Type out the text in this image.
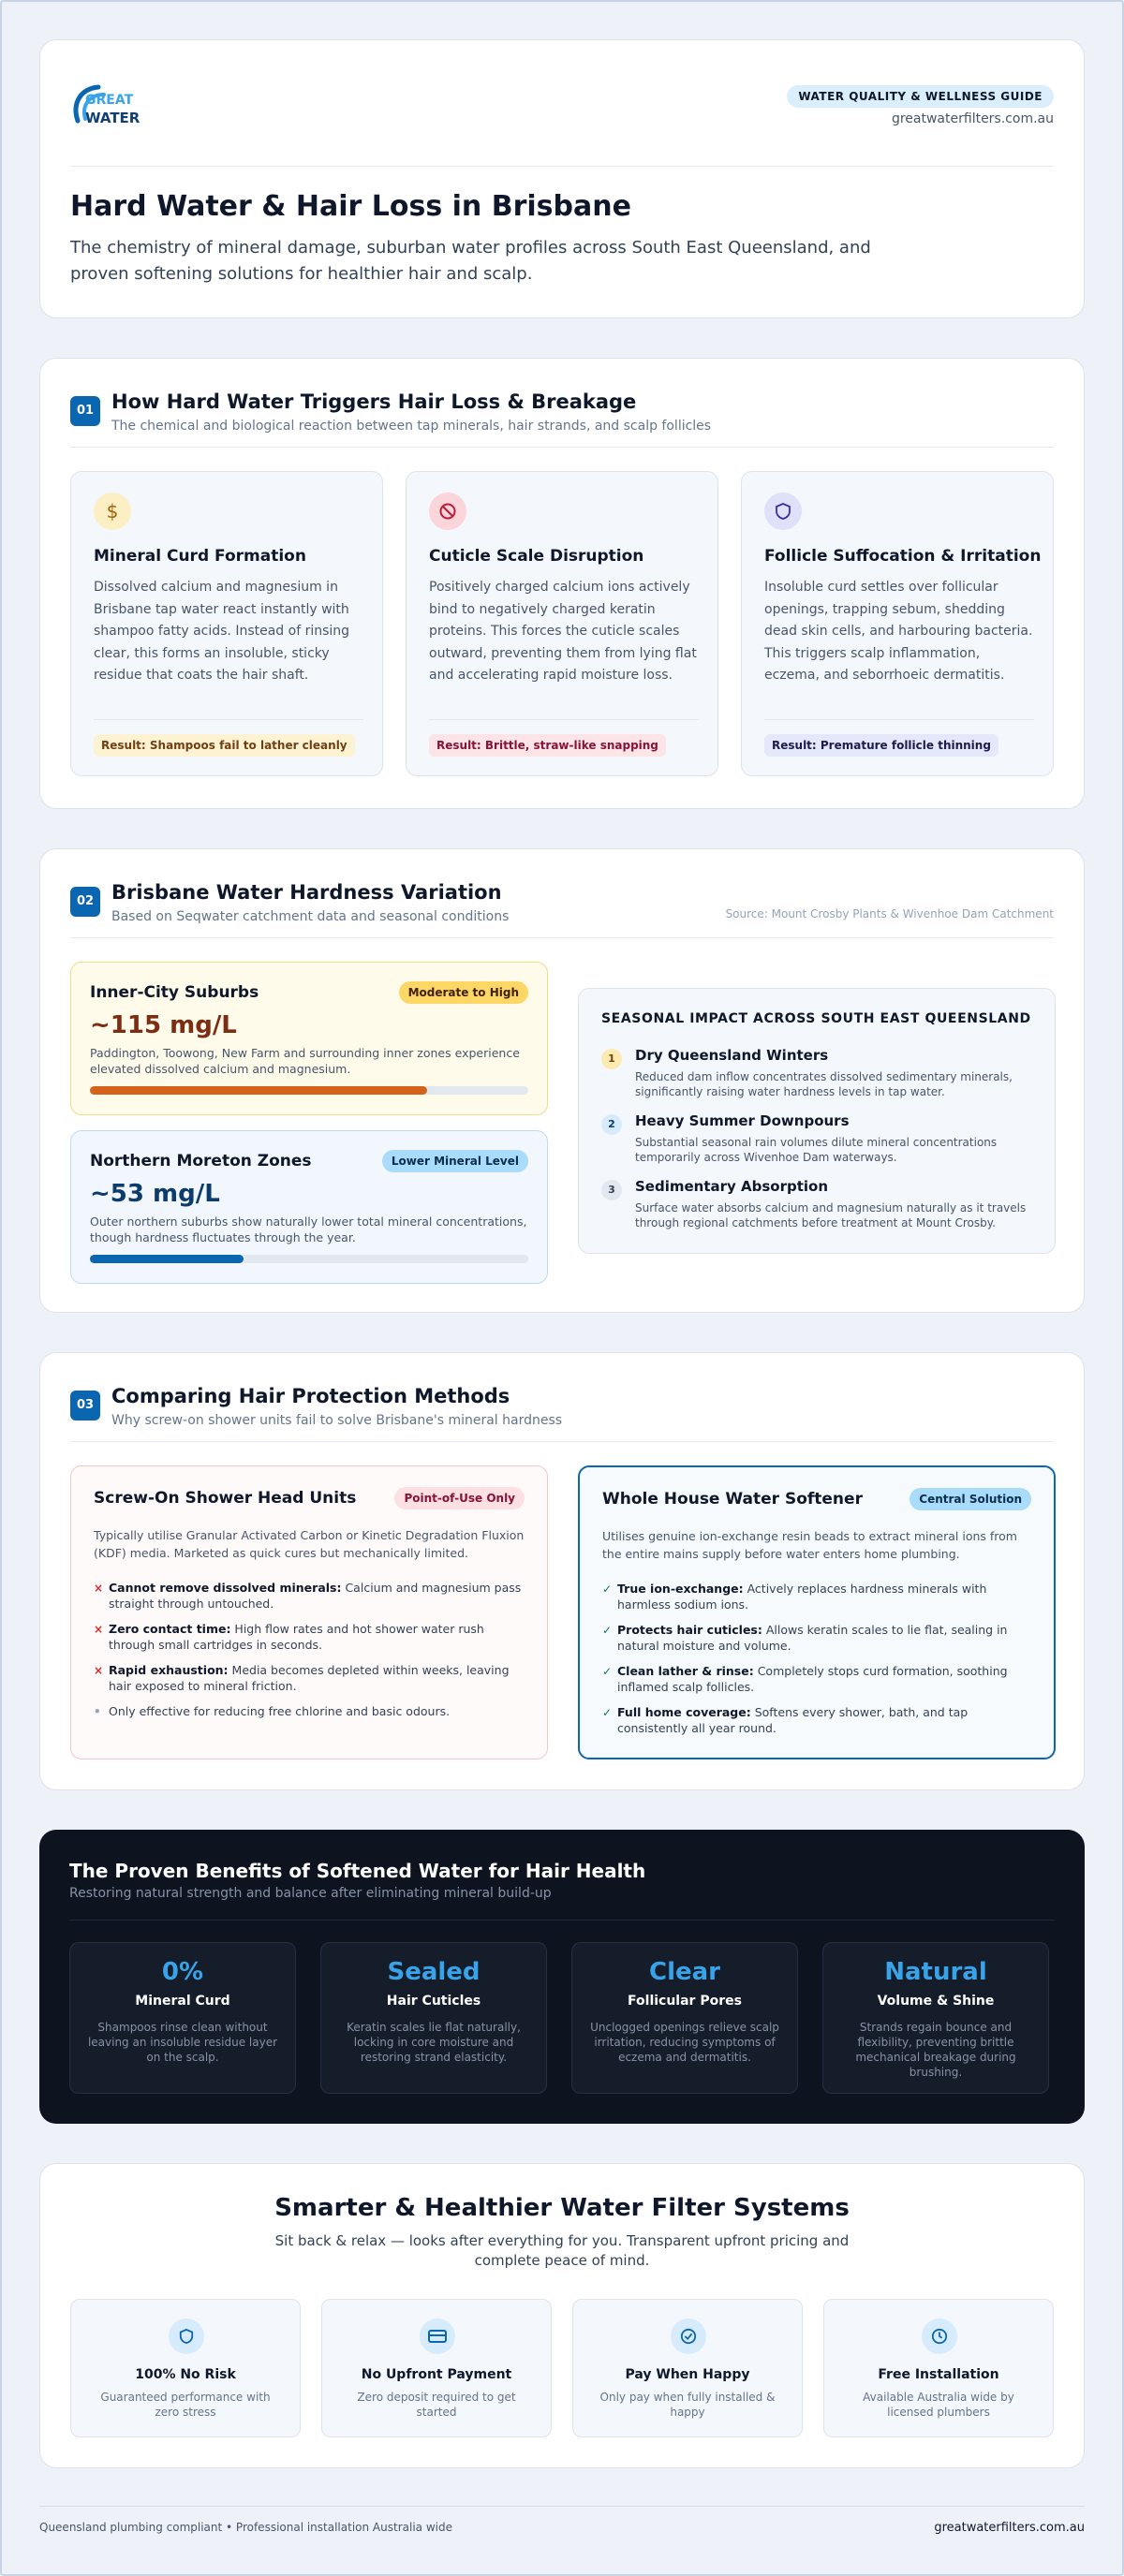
GREAT
WATER
WATER QUALITY & WELLNESS GUIDE
greatwaterfilters.com.au
Hard Water & Hair Loss in Brisbane

The chemistry of mineral damage, suburban water profiles across South East Queensland, and proven softening solutions for healthier hair and scalp.

01 How Hard Water Triggers Hair Loss & Breakage
The chemical and biological reaction between tap minerals, hair strands, and scalp follicles
$
Mineral Curd Formation
Dissolved calcium and magnesium in Brisbane tap water react instantly with shampoo fatty acids. Instead of rinsing clear, this forms an insoluble, sticky residue that coats the hair shaft.
Result: Shampoos fail to lather cleanly
Cuticle Scale Disruption
Positively charged calcium ions actively bind to negatively charged keratin proteins. This forces the cuticle scales outward, preventing them from lying flat and accelerating rapid moisture loss.
Result: Brittle, straw-like snapping
Follicle Suffocation & Irritation
Insoluble curd settles over follicular openings, trapping sebum, shedding dead skin cells, and harbouring bacteria. This triggers scalp inflammation, eczema, and seborrhoeic dermatitis.
Result: Premature follicle thinning
02 Brisbane Water Hardness Variation
Based on Seqwater catchment data and seasonal conditions	Source: Mount Crosby Plants & Wivenhoe Dam Catchment
Inner-City Suburbs	Moderate to High
~115 mg/L
Paddington, Toowong, New Farm and surrounding inner zones experience elevated dissolved calcium and magnesium.
Northern Moreton Zones	Lower Mineral Level
~53 mg/L
Outer northern suburbs show naturally lower total mineral concentrations, though hardness fluctuates through the year.
SEASONAL IMPACT ACROSS SOUTH EAST QUEENSLAND
1	Dry Queensland Winters
Reduced dam inflow concentrates dissolved sedimentary minerals, significantly raising water hardness levels in tap water.
2	Heavy Summer Downpours
Substantial seasonal rain volumes dilute mineral concentrations temporarily across Wivenhoe Dam waterways.
3	Sedimentary Absorption
Surface water absorbs calcium and magnesium naturally as it travels through regional catchments before treatment at Mount Crosby.
03 Comparing Hair Protection Methods
Why screw-on shower units fail to solve Brisbane's mineral hardness
Screw-On Shower Head Units	Point-of-Use Only
Typically utilise Granular Activated Carbon or Kinetic Degradation Fluxion (KDF) media. Marketed as quick cures but mechanically limited.
× Cannot remove dissolved minerals: Calcium and magnesium pass straight through untouched.
× Zero contact time: High flow rates and hot shower water rush through small cartridges in seconds.
× Rapid exhaustion: Media becomes depleted within weeks, leaving hair exposed to mineral friction.
• Only effective for reducing free chlorine and basic odours.
Whole House Water Softener	Central Solution
Utilises genuine ion-exchange resin beads to extract mineral ions from the entire mains supply before water enters home plumbing.
✓ True ion-exchange: Actively replaces hardness minerals with harmless sodium ions.
✓ Protects hair cuticles: Allows keratin scales to lie flat, sealing in natural moisture and volume.
✓ Clean lather & rinse: Completely stops curd formation, soothing inflamed scalp follicles.
✓ Full home coverage: Softens every shower, bath, and tap consistently all year round.
The Proven Benefits of Softened Water for Hair Health
Restoring natural strength and balance after eliminating mineral build-up
0%
Mineral Curd
Shampoos rinse clean without leaving an insoluble residue layer on the scalp.
Sealed
Hair Cuticles
Keratin scales lie flat naturally, locking in core moisture and restoring strand elasticity.
Clear
Follicular Pores
Unclogged openings relieve scalp irritation, reducing symptoms of eczema and dermatitis.
Natural
Volume & Shine
Strands regain bounce and flexibility, preventing brittle mechanical breakage during brushing.
Smarter & Healthier Water Filter Systems
Sit back & relax — looks after everything for you. Transparent upfront pricing and complete peace of mind.
100% No Risk
Guaranteed performance with zero stress
No Upfront Payment
Zero deposit required to get started
Pay When Happy
Only pay when fully installed & happy
Free Installation
Available Australia wide by licensed plumbers
Queensland plumbing compliant • Professional installation Australia wide	greatwaterfilters.com.au
